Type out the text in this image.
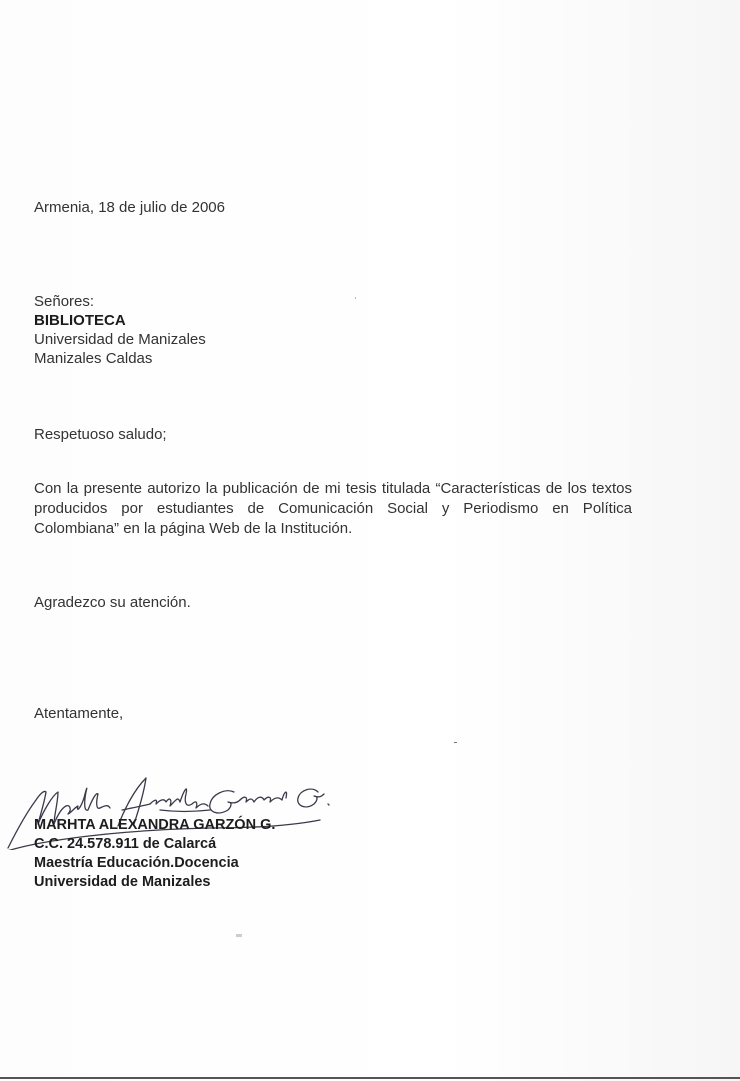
Armenia, 18 de julio de 2006
Señores:
BIBLIOTECA
Universidad de Manizales
Manizales Caldas
Respetuoso saludo;
Con la presente autorizo la publicación de mi tesis titulada “Características de los textos producidos por estudiantes de Comunicación Social y Periodismo en Política Colombiana” en la página Web de la Institución.
Agradezco su atención.
Atentamente,
MARHTA ALEXANDRA GARZÓN G.
C.C. 24.578.911 de Calarcá
Maestría Educación.Docencia
Universidad de Manizales
